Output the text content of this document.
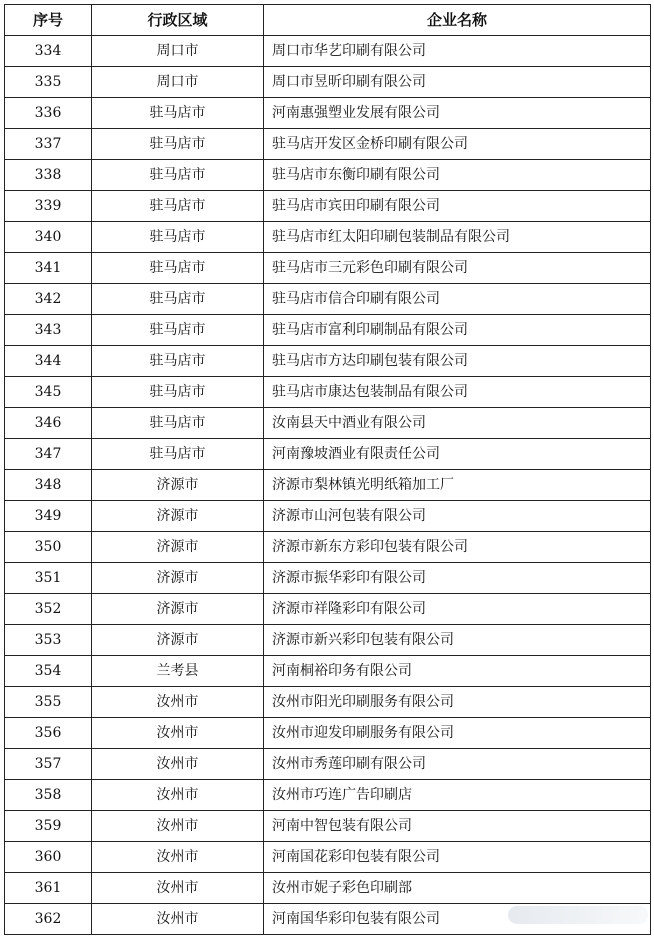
序号	行政区域	企业名称
334	周口市	周口市华艺印刷有限公司
335	周口市	周口市昱昕印刷有限公司
336	驻马店市	河南惠强塑业发展有限公司
337	驻马店市	驻马店开发区金桥印刷有限公司
338	驻马店市	驻马店市东衡印刷有限公司
339	驻马店市	驻马店市宾田印刷有限公司
340	驻马店市	驻马店市红太阳印刷包装制品有限公司
341	驻马店市	驻马店市三元彩色印刷有限公司
342	驻马店市	驻马店市信合印刷有限公司
343	驻马店市	驻马店市富利印刷制品有限公司
344	驻马店市	驻马店市方达印刷包装有限公司
345	驻马店市	驻马店市康达包装制品有限公司
346	驻马店市	汝南县天中酒业有限公司
347	驻马店市	河南豫坡酒业有限责任公司
348	济源市	济源市梨林镇光明纸箱加工厂
349	济源市	济源市山河包装有限公司
350	济源市	济源市新东方彩印包装有限公司
351	济源市	济源市振华彩印有限公司
352	济源市	济源市祥隆彩印有限公司
353	济源市	济源市新兴彩印包装有限公司
354	兰考县	河南桐裕印务有限公司
355	汝州市	汝州市阳光印刷服务有限公司
356	汝州市	汝州市迎发印刷服务有限公司
357	汝州市	汝州市秀莲印刷有限公司
358	汝州市	汝州市巧连广告印刷店
359	汝州市	河南中智包装有限公司
360	汝州市	河南国花彩印包装有限公司
361	汝州市	汝州市妮子彩色印刷部
362	汝州市	河南国华彩印包装有限公司
